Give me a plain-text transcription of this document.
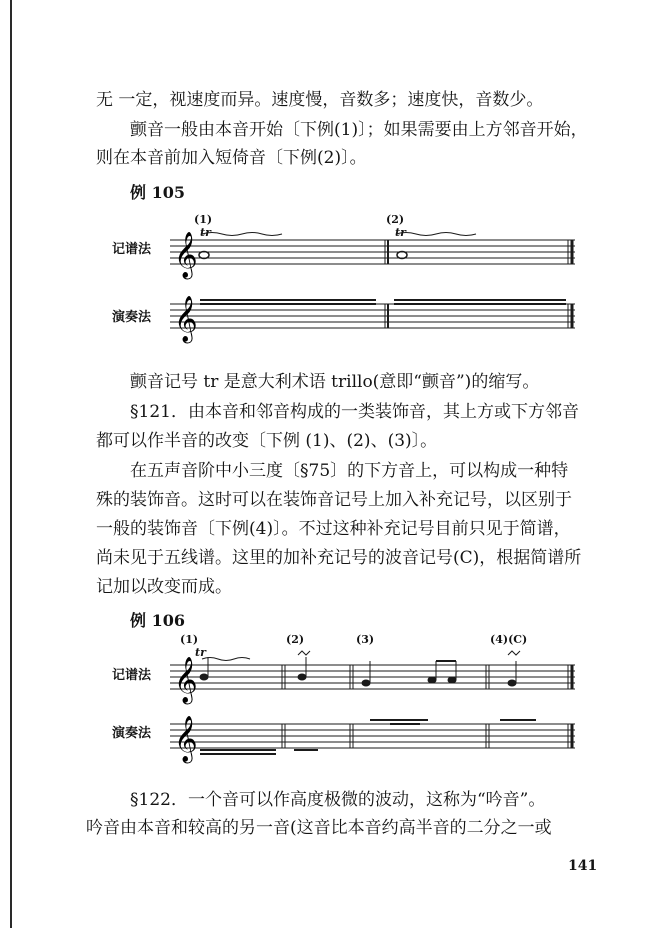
无 一定，视速度而异。速度慢，音数多；速度快，音数少。
颤音一般由本音开始〔下例(1)〕；如果需要由上方邻音开始，
则在本音前加入短倚音〔下例(2)〕。
例 105
记谱法
演奏法
(1)	(2)
tr	tr
𝄞
𝄞
颤音记号 tr 是意大利术语 trillo(意即“颤音”)的缩写。
§121．由本音和邻音构成的一类装饰音，其上方或下方邻音
都可以作半音的改变〔下例 (1)、(2)、(3)〕。
在五声音阶中小三度〔§75〕的下方音上，可以构成一种特
殊的装饰音。这时可以在装饰音记号上加入补充记号，以区别于
一般的装饰音〔下例(4)〕。不过这种补充记号目前只见于简谱，
尚未见于五线谱。这里的加补充记号的波音记号(C)，根据简谱所
记加以改变而成。
例 106
记谱法
演奏法
(1)	(2)	(3)	(4)(C)
tr
𝄞
𝄞
§122．一个音可以作高度极微的波动，这称为“吟音”。
吟音由本音和较高的另一音(这音比本音约高半音的二分之一或
141
